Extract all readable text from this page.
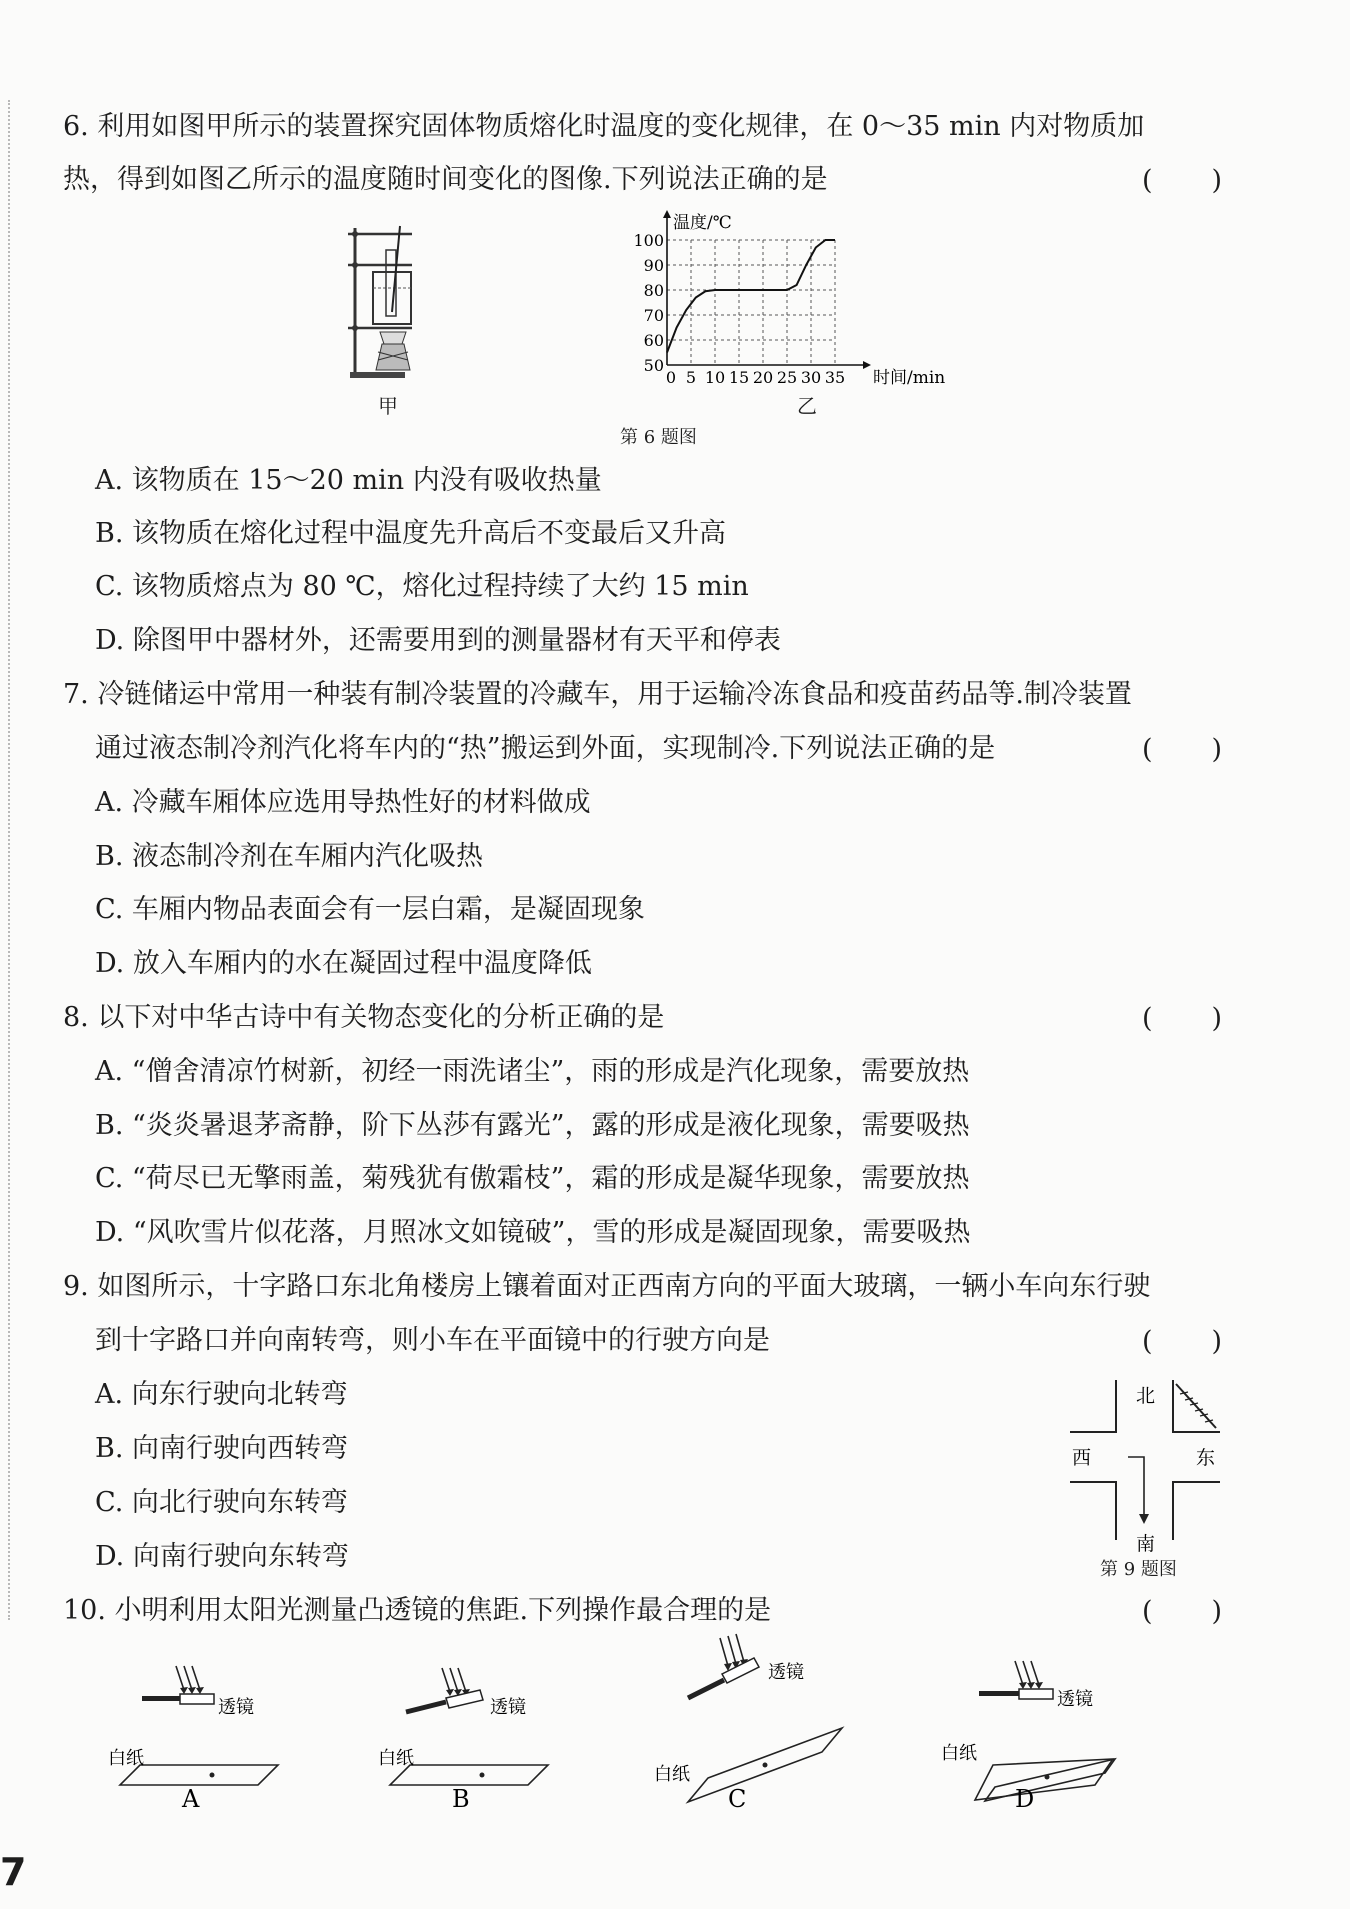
6. 利用如图甲所示的装置探究固体物质熔化时温度的变化规律，在 0～35 min 内对物质加
热，得到如图乙所示的温度随时间变化的图像.下列说法正确的是	( )
甲
0 5 10 15 20 25 30 35
50
60
70
80
90
100
温度/℃
时间/min
乙
第 6 题图
A. 该物质在 15～20 min 内没有吸收热量
B. 该物质在熔化过程中温度先升高后不变最后又升高
C. 该物质熔点为 80 ℃，熔化过程持续了大约 15 min
D. 除图甲中器材外，还需要用到的测量器材有天平和停表
7. 冷链储运中常用一种装有制冷装置的冷藏车，用于运输冷冻食品和疫苗药品等.制冷装置
通过液态制冷剂汽化将车内的“热”搬运到外面，实现制冷.下列说法正确的是	( )
A. 冷藏车厢体应选用导热性好的材料做成
B. 液态制冷剂在车厢内汽化吸热
C. 车厢内物品表面会有一层白霜，是凝固现象
D. 放入车厢内的水在凝固过程中温度降低
8. 以下对中华古诗中有关物态变化的分析正确的是	( )
A. “僧舍清凉竹树新，初经一雨洗诸尘”，雨的形成是汽化现象，需要放热
B. “炎炎暑退茅斋静，阶下丛莎有露光”，露的形成是液化现象，需要吸热
C. “荷尽已无擎雨盖，菊残犹有傲霜枝”，霜的形成是凝华现象，需要放热
D. “风吹雪片似花落，月照冰文如镜破”，雪的形成是凝固现象，需要吸热
9. 如图所示，十字路口东北角楼房上镶着面对正西南方向的平面大玻璃，一辆小车向东行驶
到十字路口并向南转弯，则小车在平面镜中的行驶方向是	( )
A. 向东行驶向北转弯
B. 向南行驶向西转弯
C. 向北行驶向东转弯
D. 向南行驶向东转弯
北
南
东
西
第 9 题图
10. 小明利用太阳光测量凸透镜的焦距.下列操作最合理的是	( )
透镜
白纸
A
透镜
白纸
B
透镜
白纸
C
透镜
白纸
D
7
